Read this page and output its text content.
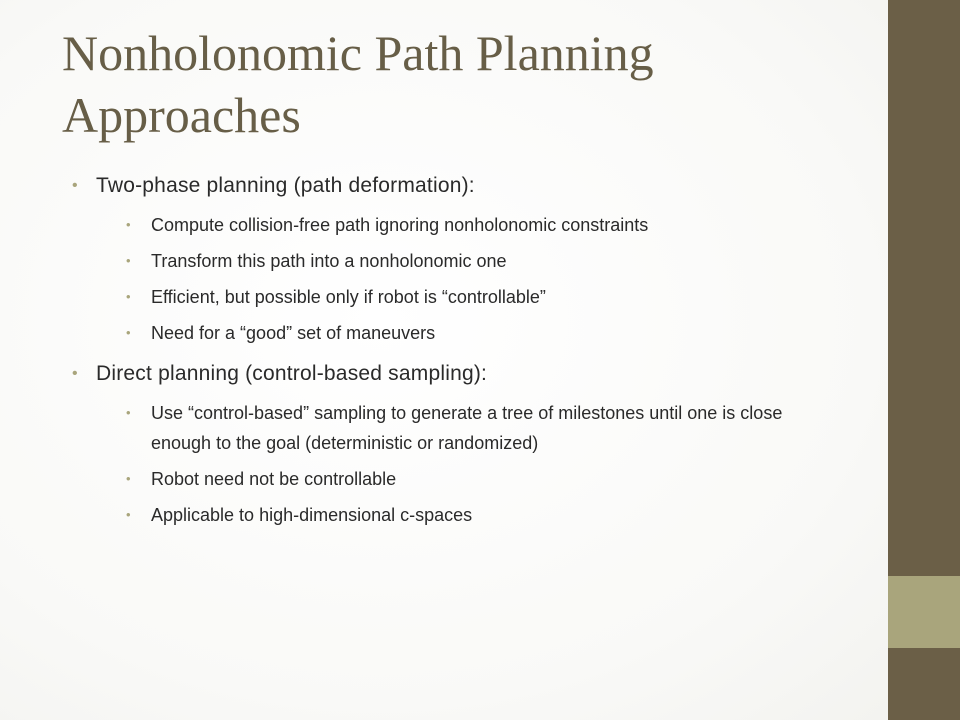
Nonholonomic Path Planning Approaches
• Two-phase planning (path deformation):
• Compute collision-free path ignoring nonholonomic constraints
• Transform this path into a nonholonomic one
• Efficient, but possible only if robot is “controllable”
• Need for a “good” set of maneuvers
• Direct planning (control-based sampling):
• Use “control-based” sampling to generate a tree of milestones until one is close enough to the goal (deterministic or randomized)
• Robot need not be controllable
• Applicable to high-dimensional c-spaces
